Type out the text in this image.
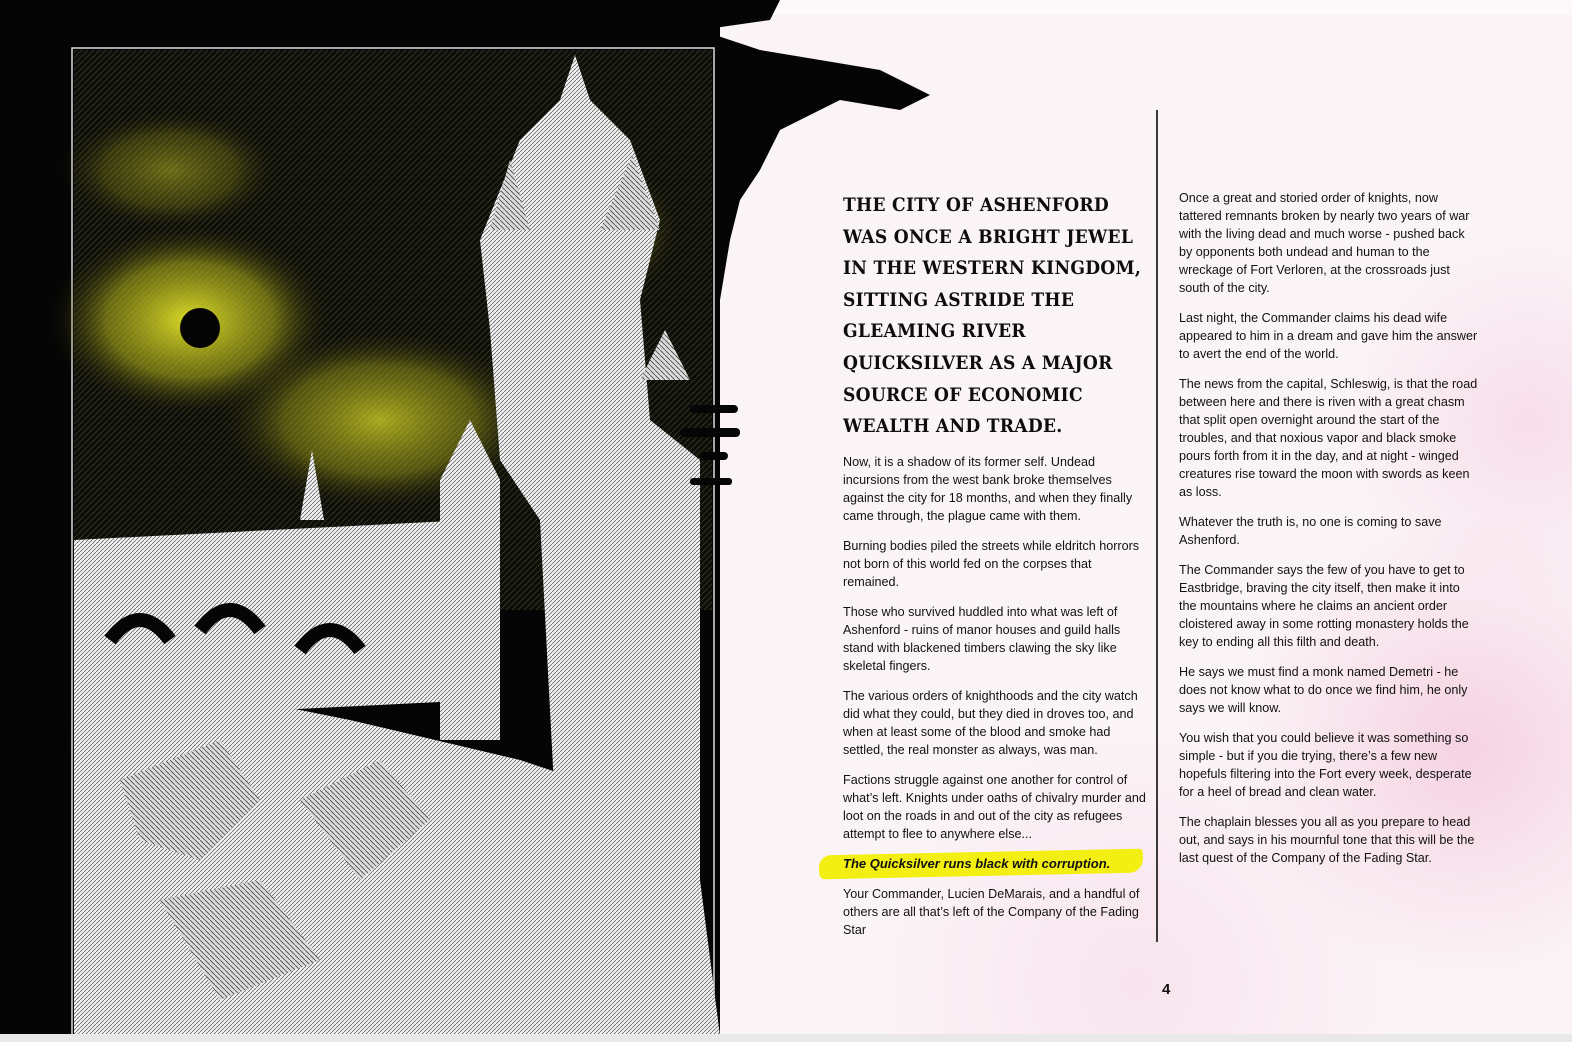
THE CITY OF ASHENFORD WAS ONCE A BRIGHT JEWEL IN THE WESTERN KINGDOM, SITTING ASTRIDE THE GLEAMING RIVER QUICKSILVER AS A MAJOR SOURCE OF ECONOMIC WEALTH AND TRADE.

Now, it is a shadow of its former self. Undead incursions from the west bank broke themselves against the city for 18 months, and when they finally came through, the plague came with them.

Burning bodies piled the streets while eldritch horrors not born of this world fed on the corpses that remained.

Those who survived huddled into what was left of Ashenford - ruins of manor houses and guild halls stand with blackened timbers clawing the sky like skeletal fingers.

The various orders of knighthoods and the city watch did what they could, but they died in droves too, and when at least some of the blood and smoke had settled, the real monster as always, was man.

Factions struggle against one another for control of what’s left. Knights under oaths of chivalry murder and loot on the roads in and out of the city as refugees attempt to flee to anywhere else...

The Quicksilver runs black with corruption.

Your Commander, Lucien DeMarais, and a handful of others are all that’s left of the Company of the Fading Star

Once a great and storied order of knights, now tattered remnants broken by nearly two years of war with the living dead and much worse - pushed back by opponents both undead and human to the wreckage of Fort Verloren, at the crossroads just south of the city.

Last night, the Commander claims his dead wife appeared to him in a dream and gave him the answer to avert the end of the world.

The news from the capital, Schleswig, is that the road between here and there is riven with a great chasm that split open overnight around the start of the troubles, and that noxious vapor and black smoke pours forth from it in the day, and at night - winged creatures rise toward the moon with swords as keen as loss.

Whatever the truth is, no one is coming to save Ashenford.

The Commander says the few of you have to get to Eastbridge, braving the city itself, then make it into the mountains where he claims an ancient order cloistered away in some rotting monastery holds the key to ending all this filth and death.

He says we must find a monk named Demetri - he does not know what to do once we find him, he only says we will know.

You wish that you could believe it was something so simple - but if you die trying, there’s a few new hopefuls filtering into the Fort every week, desperate for a heel of bread and clean water.

The chaplain blesses you all as you prepare to head out, and says in his mournful tone that this will be the last quest of the Company of the Fading Star.

4
